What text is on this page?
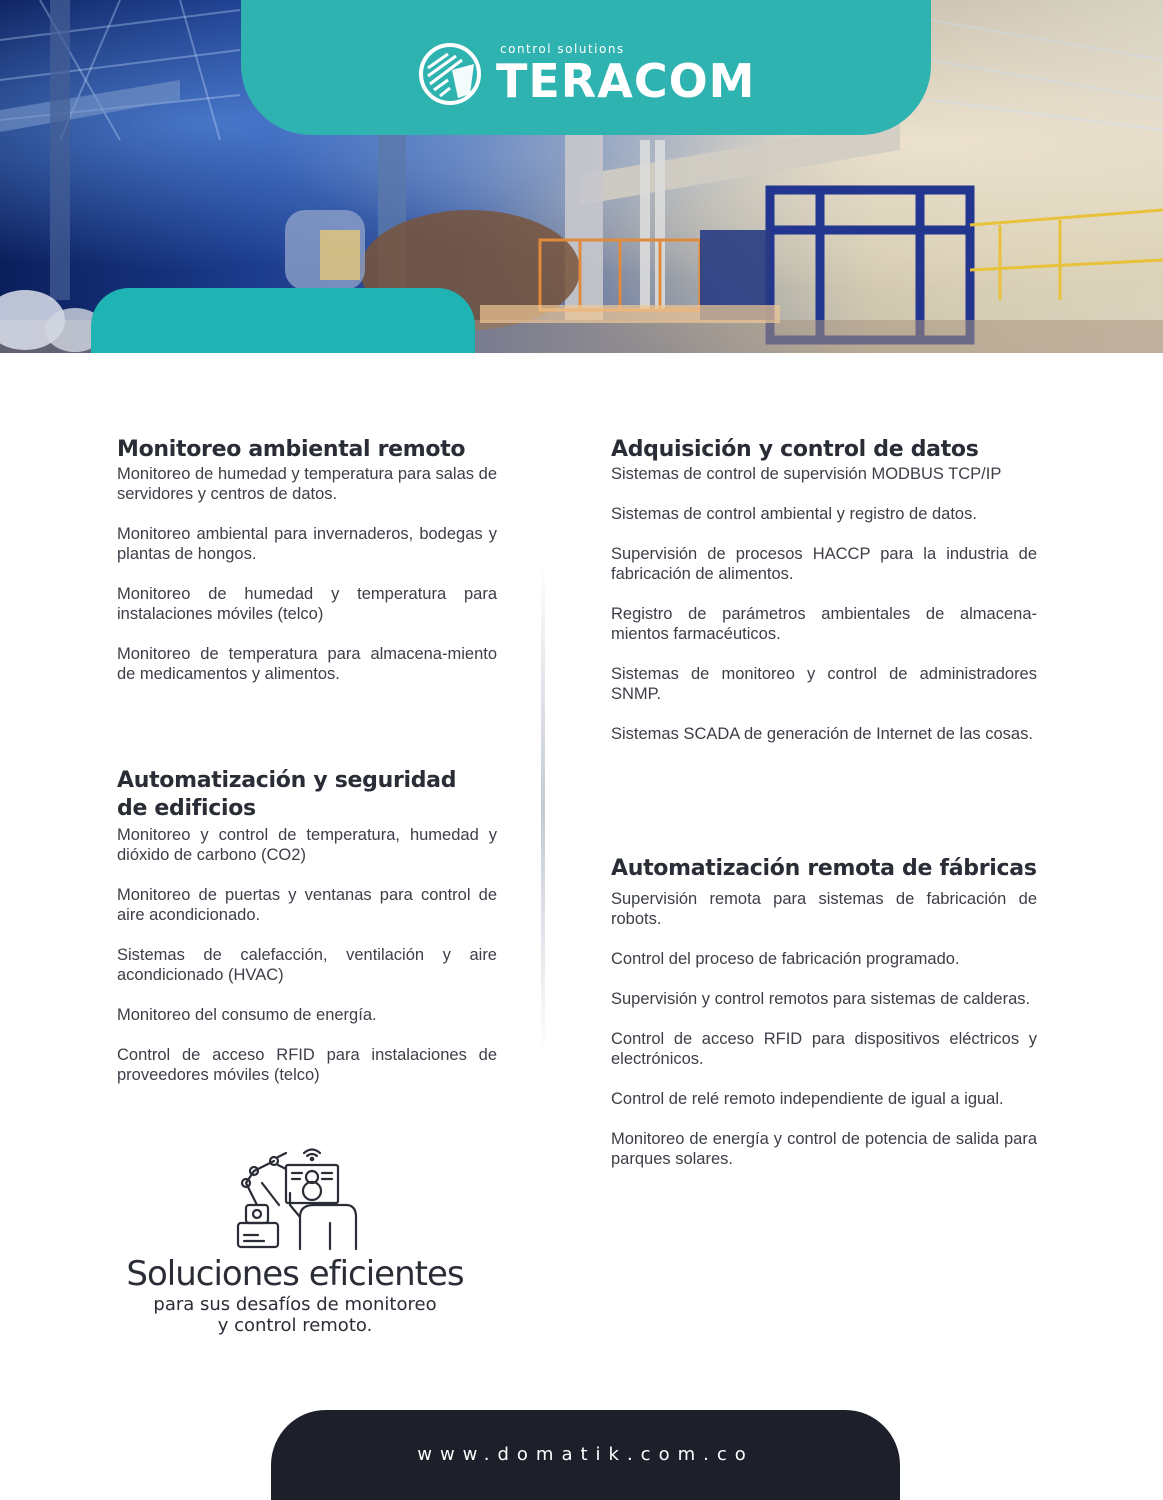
control solutions
TERACOM
Monitoreo ambiental remoto

Monitoreo de humedad y temperatura para salas de servidores y centros de datos.

Monitoreo ambiental para invernaderos, bodegas y plantas de hongos.

Monitoreo de humedad y temperatura para instalaciones móviles (telco)

Monitoreo de temperatura para almacena-miento de medicamentos y alimentos.

Automatización y seguridad de edificios

Monitoreo y control de temperatura, humedad y dióxido de carbono (CO2)

Monitoreo de puertas y ventanas para control de aire acondicionado.

Sistemas de calefacción, ventilación y aire acondicionado (HVAC)

Monitoreo del consumo de energía.

Control de acceso RFID para instalaciones de proveedores móviles (telco)

Adquisición y control de datos

Sistemas de control de supervisión MODBUS TCP/IP

Sistemas de control ambiental y registro de datos.

Supervisión de procesos HACCP para la industria de fabricación de alimentos.

Registro de parámetros ambientales de almacena-mientos farmacéuticos.

Sistemas de monitoreo y control de administradores SNMP.

Sistemas SCADA de generación de Internet de las cosas.

Automatización remota de fábricas

Supervisión remota para sistemas de fabricación de robots.

Control del proceso de fabricación programado.

Supervisión y control remotos para sistemas de calderas.

Control de acceso RFID para dispositivos eléctricos y electrónicos.

Control de relé remoto independiente de igual a igual.

Monitoreo de energía y control de potencia de salida para parques solares.

Soluciones eficientes
para sus desafíos de monitoreo
y control remoto.
www.domatik.com.co
